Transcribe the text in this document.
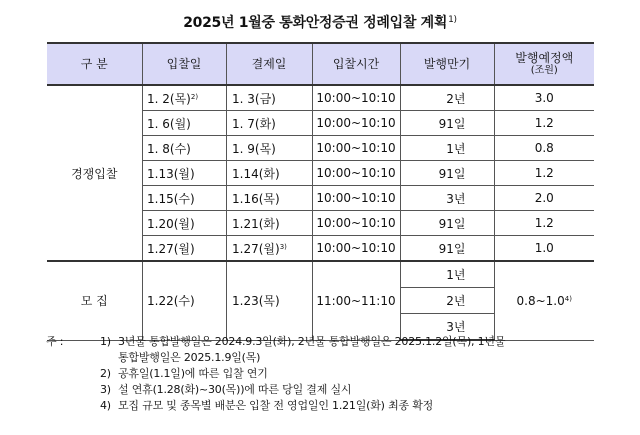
2025년 1월중 통화안정증권 정례입찰 계획$^{1)}$
구 분	입찰일	결제일	입찰시간	발행만기	발행예정액
(조원)

경쟁입찰	1. 2(목)$^{2)}$	1. 3(금)	10:00~10:10	2년	3.0
	1. 6(월)	1. 7(화)	10:00~10:10	91일	1.2
	1. 8(수)	1. 9(목)	10:00~10:10	1년	0.8
	1.13(월)	1.14(화)	10:00~10:10	91일	1.2
	1.15(수)	1.16(목)	10:00~10:10	3년	2.0
	1.20(월)	1.21(화)	10:00~10:10	91일	1.2
	1.27(월)	1.27(월)$^{3)}$	10:00~10:10	91일	1.0
모 집	1.22(수)	1.23(목)	11:00~11:10	1년	0.8~1.0$^{4)}$
				2년	
				3년	
주 :	1) 3년물 통합발행일은 2024.9.3일(화), 2년물 통합발행일은 2025.1.2일(목), 1년물
통합발행일은 2025.1.9일(목)
2) 공휴일(1.1일)에 따른 입찰 연기
3) 설 연휴(1.28(화)~30(목))에 따른 당일 결제 실시
4) 모집 규모 및 종목별 배분은 입찰 전 영업일인 1.21일(화) 최종 확정
